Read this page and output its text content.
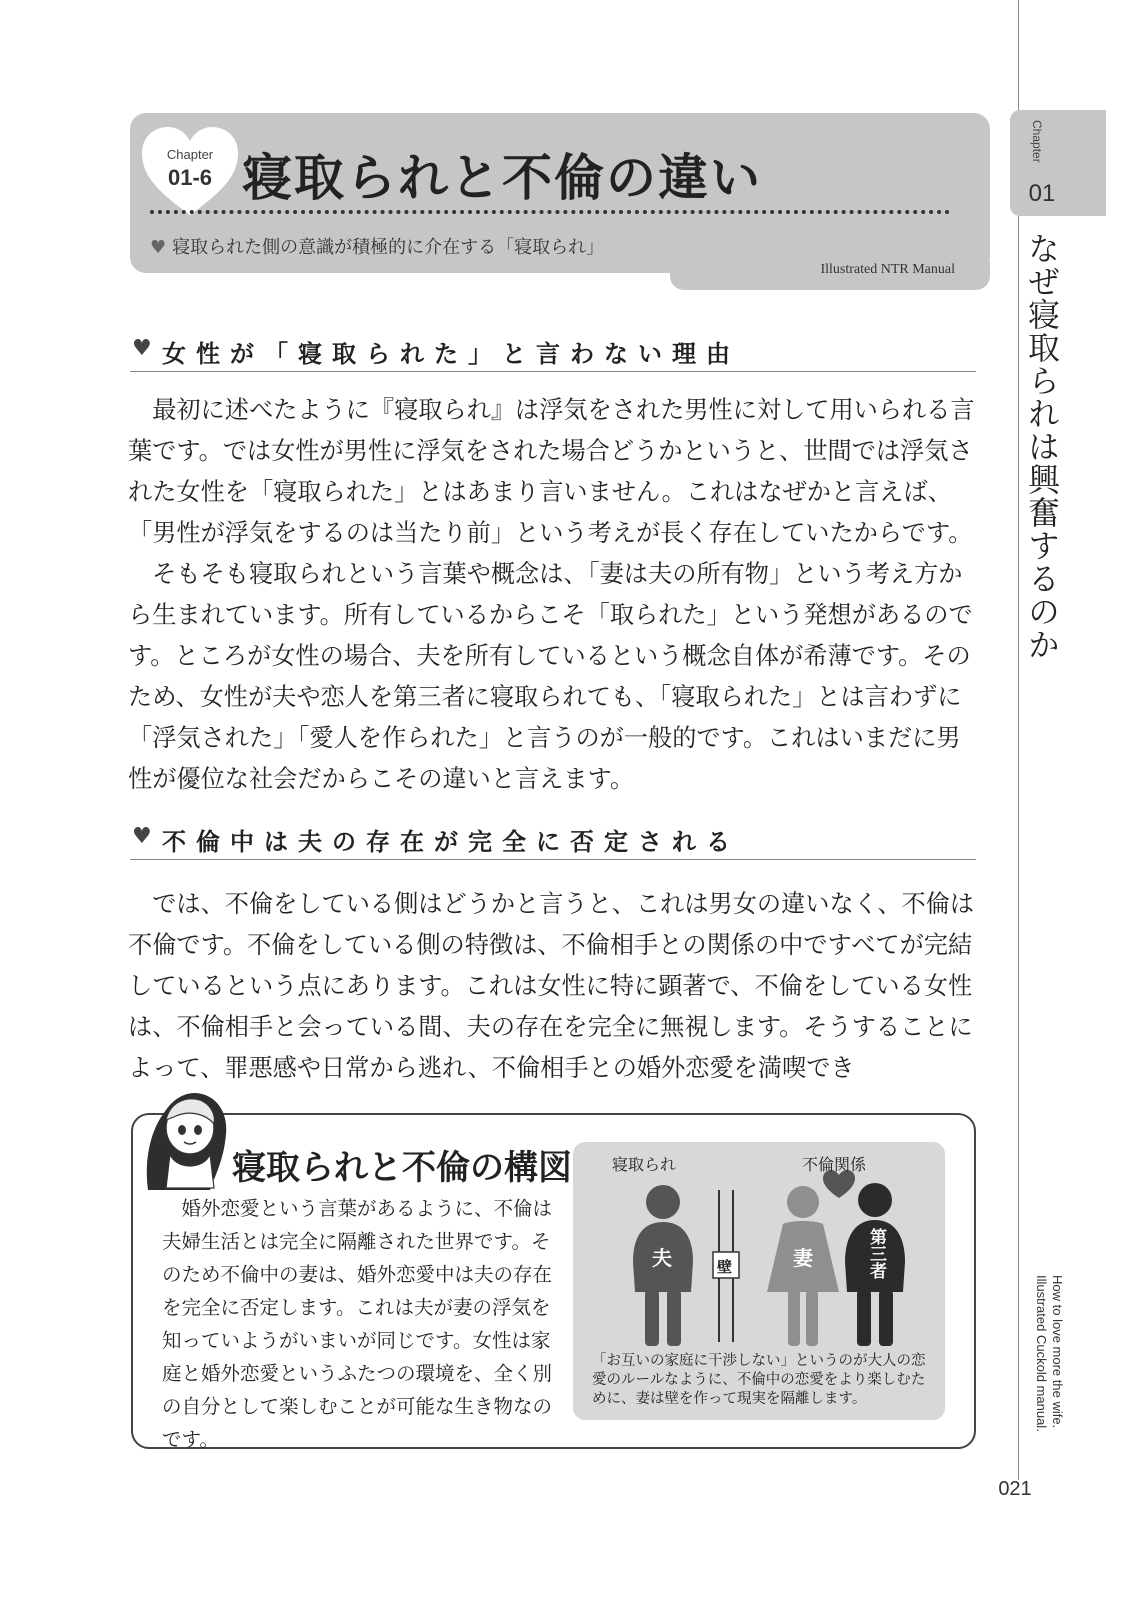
Chapter
01-6 寝取られと不倫の違い
♥ 寝取られた側の意識が積極的に介在する「寝取られ」
Illustrated NTR Manual
Chapter
01
なぜ寝取られは興奮するのか
How to love more the wife.
Illustrated Cuckold manual.
021
♥ 女性が「寝取られた」と言わない理由

最初に述べたように『寝取られ』は浮気をされた男性に対して用いられる言葉です。では女性が男性に浮気をされた場合どうかというと、世間では浮気された女性を「寝取られた」とはあまり言いません。これはなぜかと言えば、「男性が浮気をするのは当たり前」という考えが長く存在していたからです。

そもそも寝取られという言葉や概念は、「妻は夫の所有物」という考え方から生まれています。所有しているからこそ「取られた」という発想があるのです。ところが女性の場合、夫を所有しているという概念自体が希薄です。そのため、女性が夫や恋人を第三者に寝取られても、「寝取られた」とは言わずに「浮気された」「愛人を作られた」と言うのが一般的です。これはいまだに男性が優位な社会だからこその違いと言えます。

♥ 不倫中は夫の存在が完全に否定される

では、不倫をしている側はどうかと言うと、これは男女の違いなく、不倫は不倫です。不倫をしている側の特徴は、不倫相手との関係の中ですべてが完結しているという点にあります。これは女性に特に顕著で、不倫をしている女性は、不倫相手と会っている間、夫の存在を完全に無視します。そうすることによって、罪悪感や日常から逃れ、不倫相手との婚外恋愛を満喫でき

寝取られと不倫の構図

婚外恋愛という言葉があるように、不倫は夫婦生活とは完全に隔離された世界です。そのため不倫中の妻は、婚外恋愛中は夫の存在を完全に否定します。これは夫が妻の浮気を知っていようがいまいが同じです。女性は家庭と婚外恋愛というふたつの環境を、全く別の自分として楽しむことが可能な生き物なのです。

寝取られ	不倫関係
夫	壁	妻	第三者
「お互いの家庭に干渉しない」というのが大人の恋愛のルールなように、不倫中の恋愛をより楽しむために、妻は壁を作って現実を隔離します。
